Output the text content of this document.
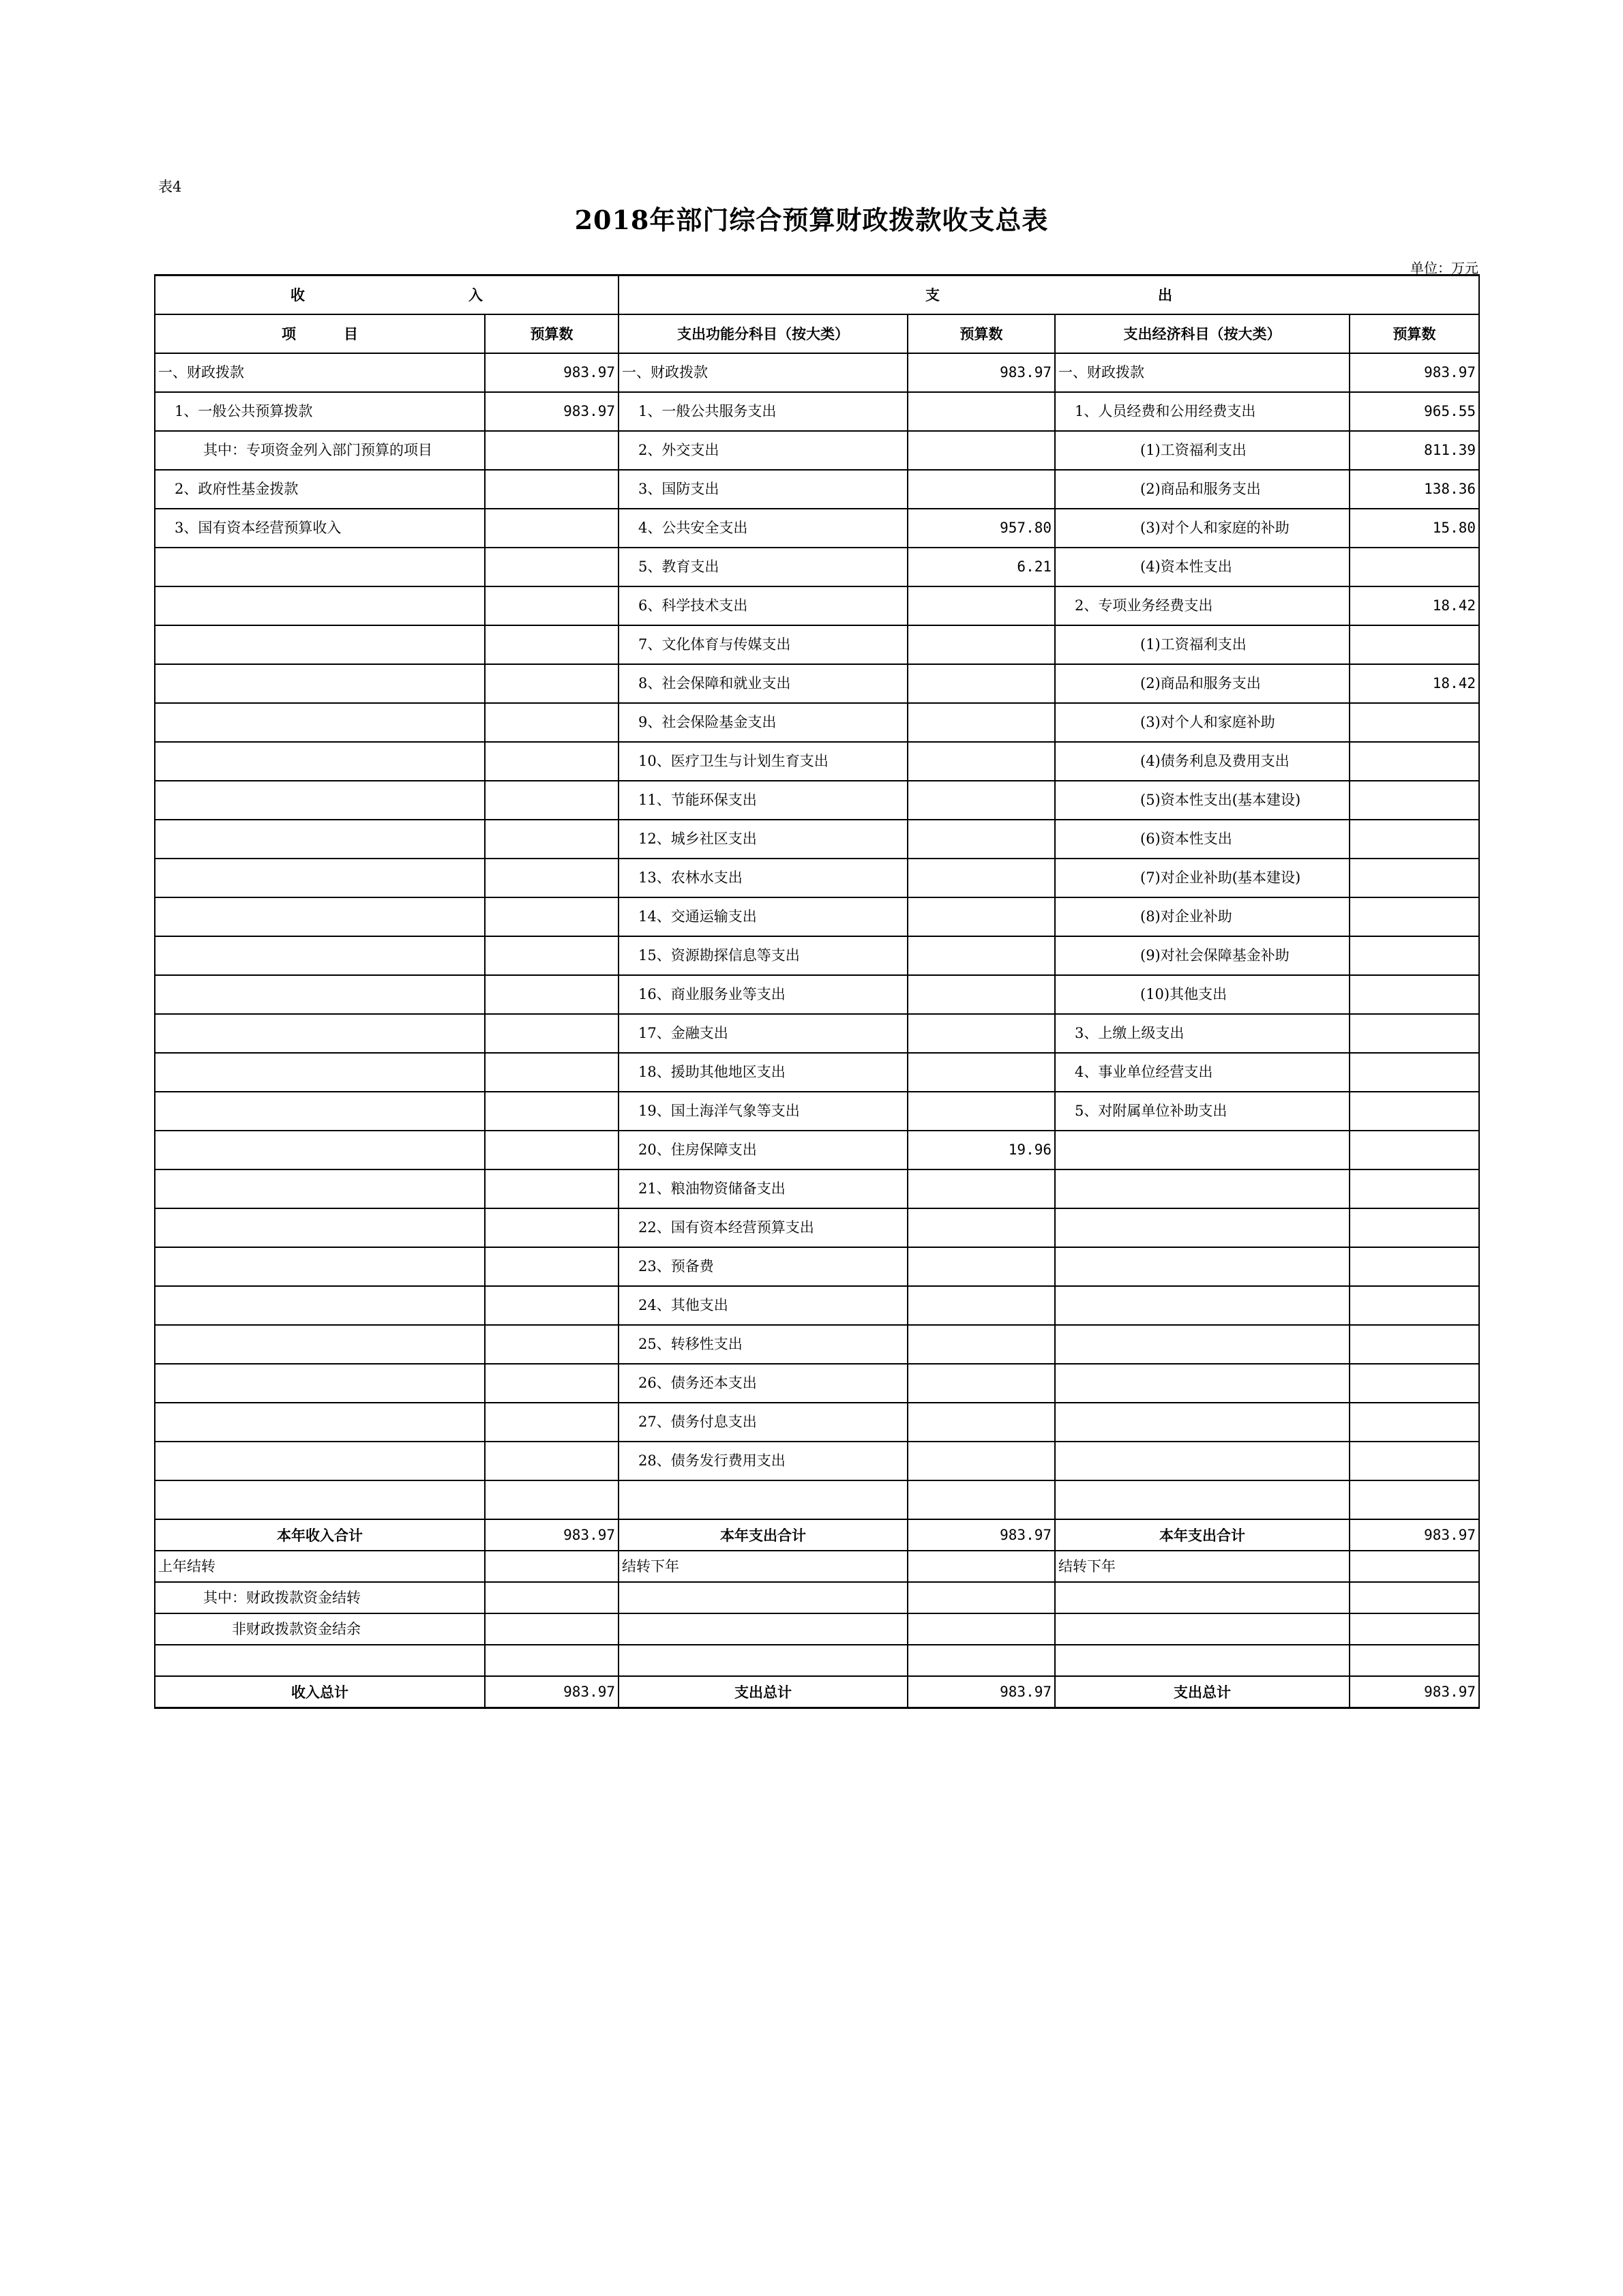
表4
2018年部门综合预算财政拨款收支总表
单位：万元
收 入		支 出			
项 目	预算数	支出功能分科目（按大类）	预算数	支出经济科目（按大类）	预算数
一、财政拨款	983.97	一、财政拨款	983.97	一、财政拨款	983.97
1、一般公共预算拨款	983.97	1、一般公共服务支出		1、人员经费和公用经费支出	965.55
其中：专项资金列入部门预算的项目		2、外交支出		(1)工资福利支出	811.39
2、政府性基金拨款		3、国防支出		(2)商品和服务支出	138.36
3、国有资本经营预算收入		4、公共安全支出	957.80	(3)对个人和家庭的补助	15.80
		5、教育支出	6.21	(4)资本性支出	
		6、科学技术支出		2、专项业务经费支出	18.42
		7、文化体育与传媒支出		(1)工资福利支出	
		8、社会保障和就业支出		(2)商品和服务支出	18.42
		9、社会保险基金支出		(3)对个人和家庭补助	
		10、医疗卫生与计划生育支出		(4)债务利息及费用支出	
		11、节能环保支出		(5)资本性支出(基本建设)	
		12、城乡社区支出		(6)资本性支出	
		13、农林水支出		(7)对企业补助(基本建设)	
		14、交通运输支出		(8)对企业补助	
		15、资源勘探信息等支出		(9)对社会保障基金补助	
		16、商业服务业等支出		(10)其他支出	
		17、金融支出		3、上缴上级支出	
		18、援助其他地区支出		4、事业单位经营支出	
		19、国土海洋气象等支出		5、对附属单位补助支出	
		20、住房保障支出	19.96		
		21、粮油物资储备支出			
		22、国有资本经营预算支出			
		23、预备费			
		24、其他支出			
		25、转移性支出			
		26、债务还本支出			
		27、债务付息支出			
		28、债务发行费用支出			

本年收入合计	983.97	本年支出合计	983.97	本年支出合计	983.97
上年结转		结转下年		结转下年	
其中：财政拨款资金结转					
非财政拨款资金结余					

收入总计	983.97	支出总计	983.97	支出总计	983.97
